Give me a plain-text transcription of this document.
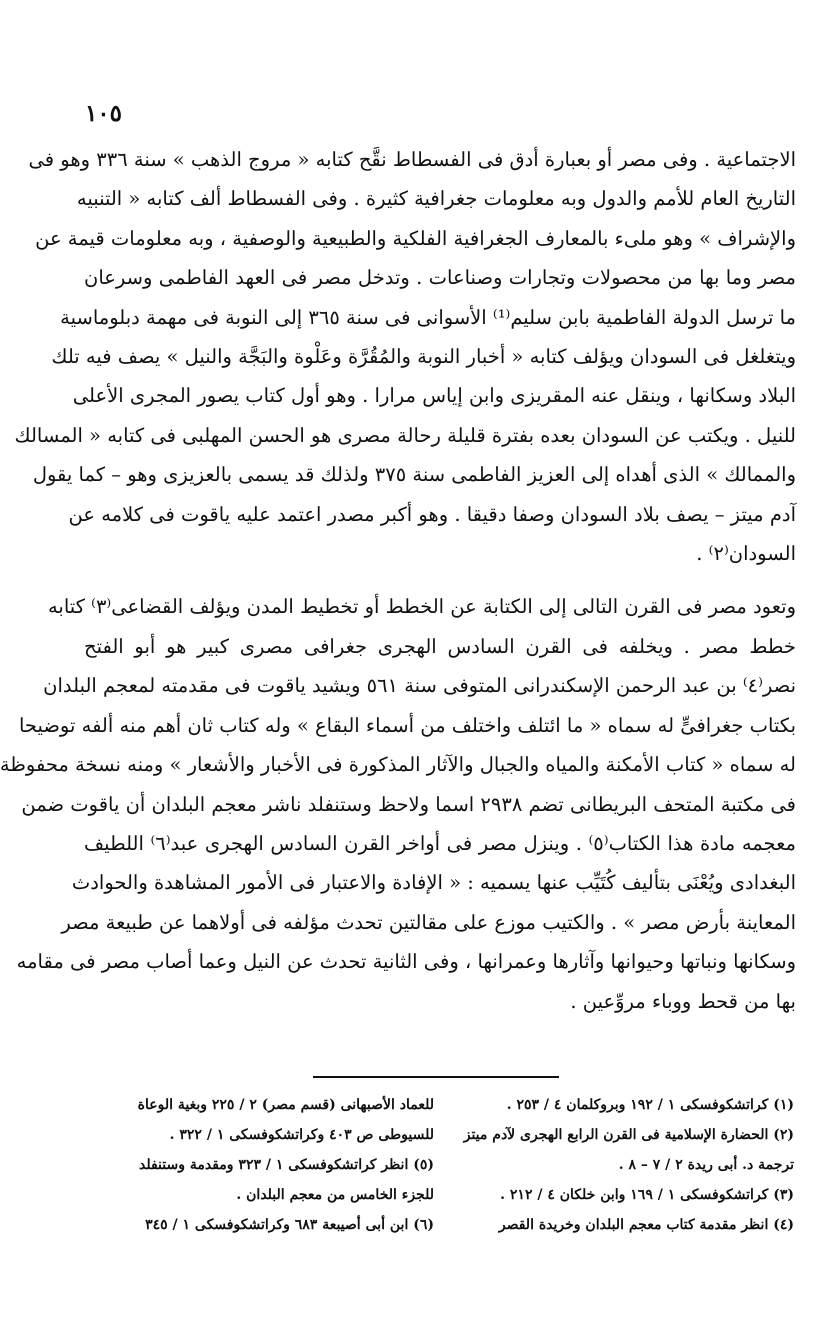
١٠٥
الاجتماعية . وفى مصر أو بعبارة أدق فى الفسطاط نقَّح كتابه « مروج الذهب » سنة ٣٣٦ وهو فى
التاريخ العام للأمم والدول وبه معلومات جغرافية كثيرة . وفى الفسطاط ألف كتابه « التنبيه
والإشراف » وهو ملىء بالمعارف الجغرافية الفلكية والطبيعية والوصفية ، وبه معلومات قيمة عن
مصر وما بها من محصولات وتجارات وصناعات . وتدخل مصر فى العهد الفاطمى وسرعان
ما ترسل الدولة الفاطمية بابن سليم⁽¹⁾ الأسوانى فى سنة ٣٦٥ إلى النوبة فى مهمة دبلوماسية
ويتغلغل فى السودان ويؤلف كتابه « أخبار النوبة والمُقُرَّة وعَلْوة والبَجَّة والنيل » يصف فيه تلك
البلاد وسكانها ، وينقل عنه المقريزى وابن إياس مرارا . وهو أول كتاب يصور المجرى الأعلى
للنيل . ويكتب عن السودان بعده بفترة قليلة رحالة مصرى هو الحسن المهلبى فى كتابه « المسالك
والممالك » الذى أهداه إلى العزيز الفاطمى سنة ٣٧٥ ولذلك قد يسمى بالعزيزى وهو – كما يقول
آدم ميتز – يصف بلاد السودان وصفا دقيقا . وهو أكبر مصدر اعتمد عليه ياقوت فى كلامه عن
السودان⁽٢⁾ .
وتعود مصر فى القرن التالى إلى الكتابة عن الخطط أو تخطيط المدن ويؤلف القضاعى⁽٣⁾ كتابه
خطط مصر . ويخلفه فى القرن السادس الهجرى جغرافى مصرى كبير هو أبو الفتح
نصر⁽٤⁾ بن عبد الرحمن الإسكندرانى المتوفى سنة ٥٦١ ويشيد ياقوت فى مقدمته لمعجم البلدان
بكتاب جغرافىٍّ له سماه « ما ائتلف واختلف من أسماء البقاع » وله كتاب ثان أهم منه ألفه توضيحا
له سماه « كتاب الأمكنة والمياه والجبال والآثار المذكورة فى الأخبار والأشعار » ومنه نسخة محفوظة
فى مكتبة المتحف البريطانى تضم ٢٩٣٨ اسما ولاحظ وستنفلد ناشر معجم البلدان أن ياقوت ضمن
معجمه مادة هذا الكتاب⁽٥⁾ . وينزل مصر فى أواخر القرن السادس الهجرى عبد⁽٦⁾ اللطيف
البغدادى ويُعْنَى بتأليف كُتَيِّب عنها يسميه : « الإفادة والاعتبار فى الأمور المشاهدة والحوادث
المعاينة بأرض مصر » . والكتيب موزع على مقالتين تحدث مؤلفه فى أولاهما عن طبيعة مصر
وسكانها ونباتها وحيوانها وآثارها وعمرانها ، وفى الثانية تحدث عن النيل وعما أصاب مصر فى مقامه
بها من قحط ووباء مروِّعين .
(١) كراتشكوفسكى ١ / ١٩٢ وبروكلمان ٤ / ٢٥٣ .
(٢) الحضارة الإسلامية فى القرن الرابع الهجرى لآدم ميتز
ترجمة د. أبى ريدة ٢ / ٧ – ٨ .
(٣) كراتشكوفسكى ١ / ١٦٩ وابن خلكان ٤ / ٢١٢ .
(٤) انظر مقدمة كتاب معجم البلدان وخريدة القصر
للعماد الأصبهانى (قسم مصر) ٢ / ٢٢٥ وبغية الوعاة
للسيوطى ص ٤٠٣ وكراتشكوفسكى ١ / ٣٢٢ .
(٥) انظر كراتشكوفسكى ١ / ٣٢٣ ومقدمة وستنفلد
للجزء الخامس من معجم البلدان .
(٦) ابن أبى أصيبعة ٦٨٣ وكراتشكوفسكى ١ / ٣٤٥
